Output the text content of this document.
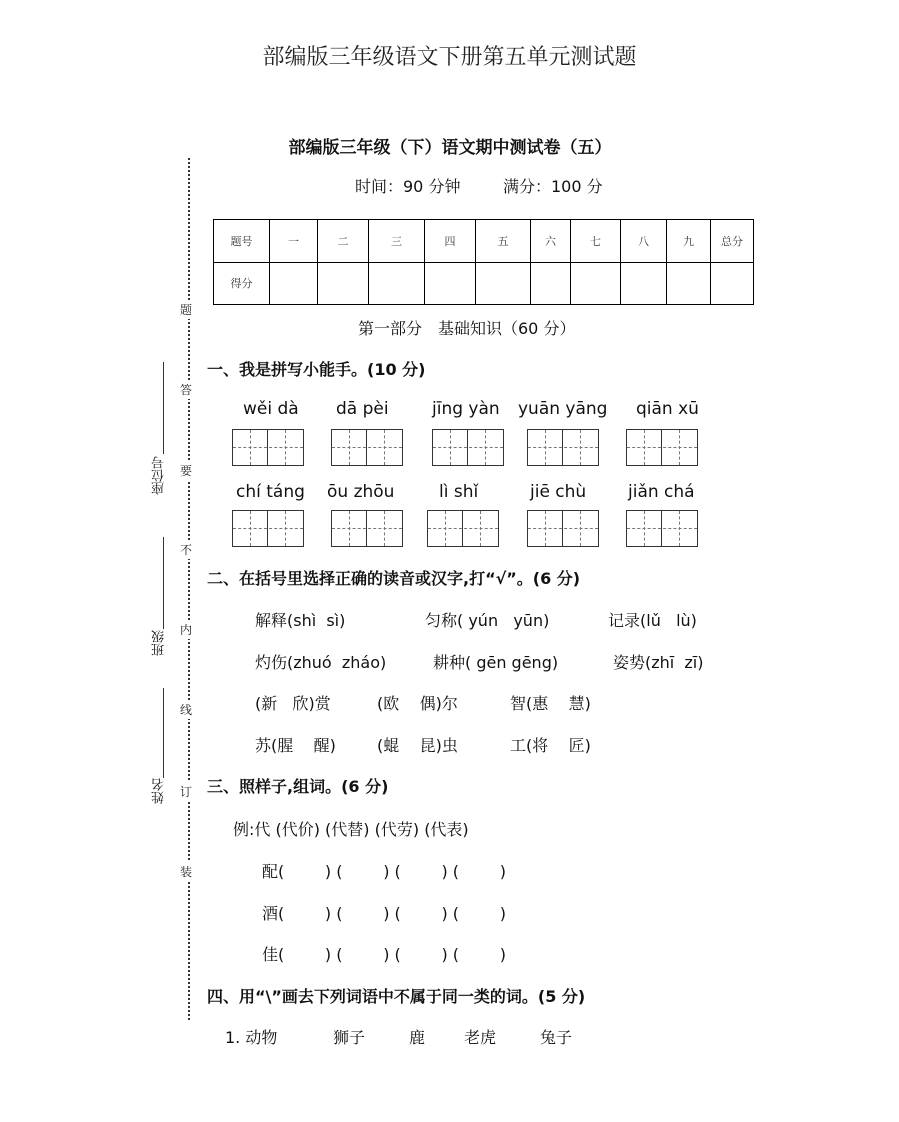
部编版三年级语文下册第五单元测试题
题
答
要
不
内
线
订
装
座位号
班级
姓名
部编版三年级（下）语文期中测试卷（五）
时间：90 分钟	满分：100 分
题号	一	二	三	四	五	六	七	八	九	总分
得分										
第一部分　基础知识（60 分）
一、我是拼写小能手。(10 分)
wěi dà dā pèi	jīng yàn yuān yāng qiān xū
chí táng ōu zhōu	lì shǐ	jiē chù jiǎn chá
二、在括号里选择正确的读音或汉字,打“√”。(6 分)
解释(shì  sì)	匀称( yún   yūn)	记录(lǔ   lù)
灼伤(zhuó  zháo)	耕种( gēn gēng)	姿势(zhī  zī)
(新   欣)赏	(欧    偶)尔	智(惠    慧)
苏(腥    醒)	(蜫    昆)虫	工(将    匠)
三、照样子,组词。(6 分)
例:代 (代价) (代替) (代劳) (代表)
配(        ) (        ) (        ) (        )
酒(        ) (        ) (        ) (        )
佳(        ) (        ) (        ) (        )
四、用“\”画去下列词语中不属于同一类的词。(5 分)
1. 动物	狮子	鹿 老虎	兔子
